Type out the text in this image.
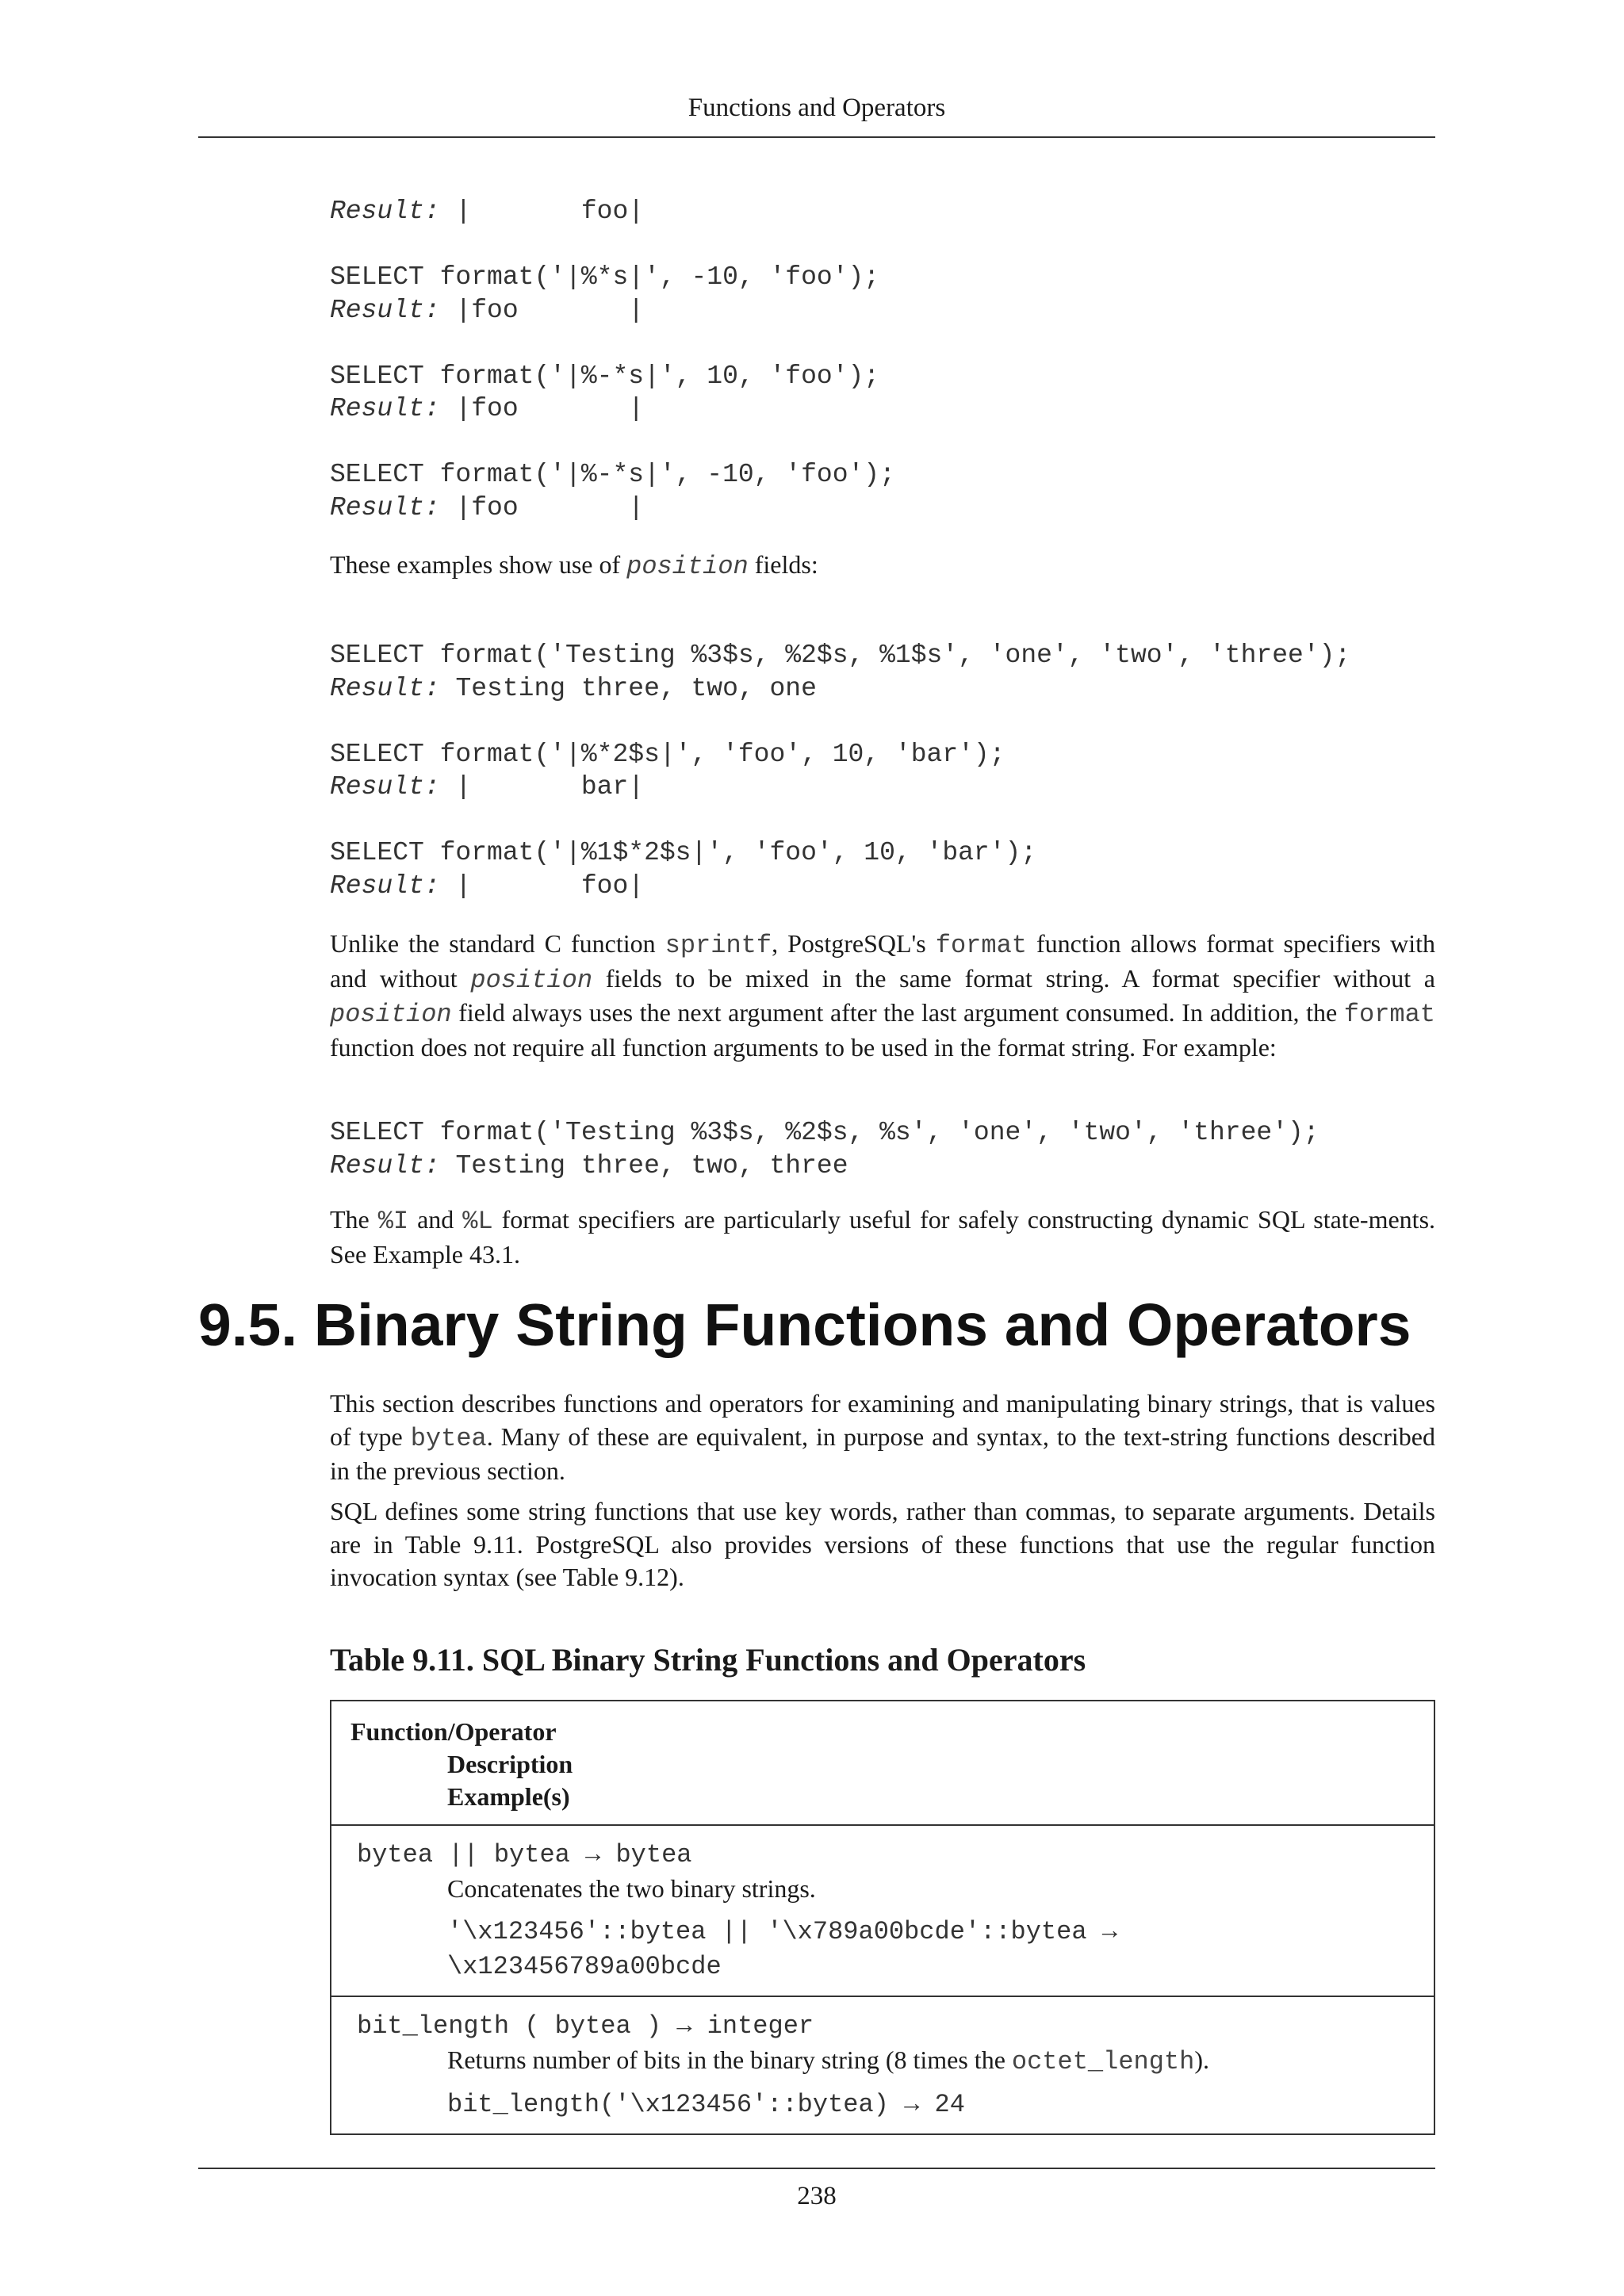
Functions and Operators
Result: |       foo|

SELECT format('|%*s|', -10, 'foo');
Result: |foo       |

SELECT format('|%-*s|', 10, 'foo');
Result: |foo       |

SELECT format('|%-*s|', -10, 'foo');
Result: |foo       |

These examples show use of position fields:

SELECT format('Testing %3$s, %2$s, %1$s', 'one', 'two', 'three');
Result: Testing three, two, one

SELECT format('|%*2$s|', 'foo', 10, 'bar');
Result: |       bar|

SELECT format('|%1$*2$s|', 'foo', 10, 'bar');
Result: |       foo|

Unlike the standard C function sprintf, PostgreSQL's format function allows format specifiers with and without position fields to be mixed in the same format string. A format specifier without a position field always uses the next argument after the last argument consumed. In addition, the format function does not require all function arguments to be used in the format string. For example:

SELECT format('Testing %3$s, %2$s, %s', 'one', 'two', 'three');
Result: Testing three, two, three

The %I and %L format specifiers are particularly useful for safely constructing dynamic SQL state-ments. See Example 43.1.

9.5. Binary String Functions and Operators

This section describes functions and operators for examining and manipulating binary strings, that is values of type bytea. Many of these are equivalent, in purpose and syntax, to the text-string functions described in the previous section.

SQL defines some string functions that use key words, rather than commas, to separate arguments. Details are in Table 9.11. PostgreSQL also provides versions of these functions that use the regular function invocation syntax (see Table 9.12).

Table 9.11. SQL Binary String Functions and Operators

Function/Operator
Description
Example(s)

bytea || bytea → bytea
Concatenates the two binary strings.
'\x123456'::bytea || '\x789a00bcde'::bytea →
\x123456789a00bcde

bit_length ( bytea ) → integer
Returns number of bits in the binary string (8 times the octet_length).
bit_length('\x123456'::bytea) → 24
238
